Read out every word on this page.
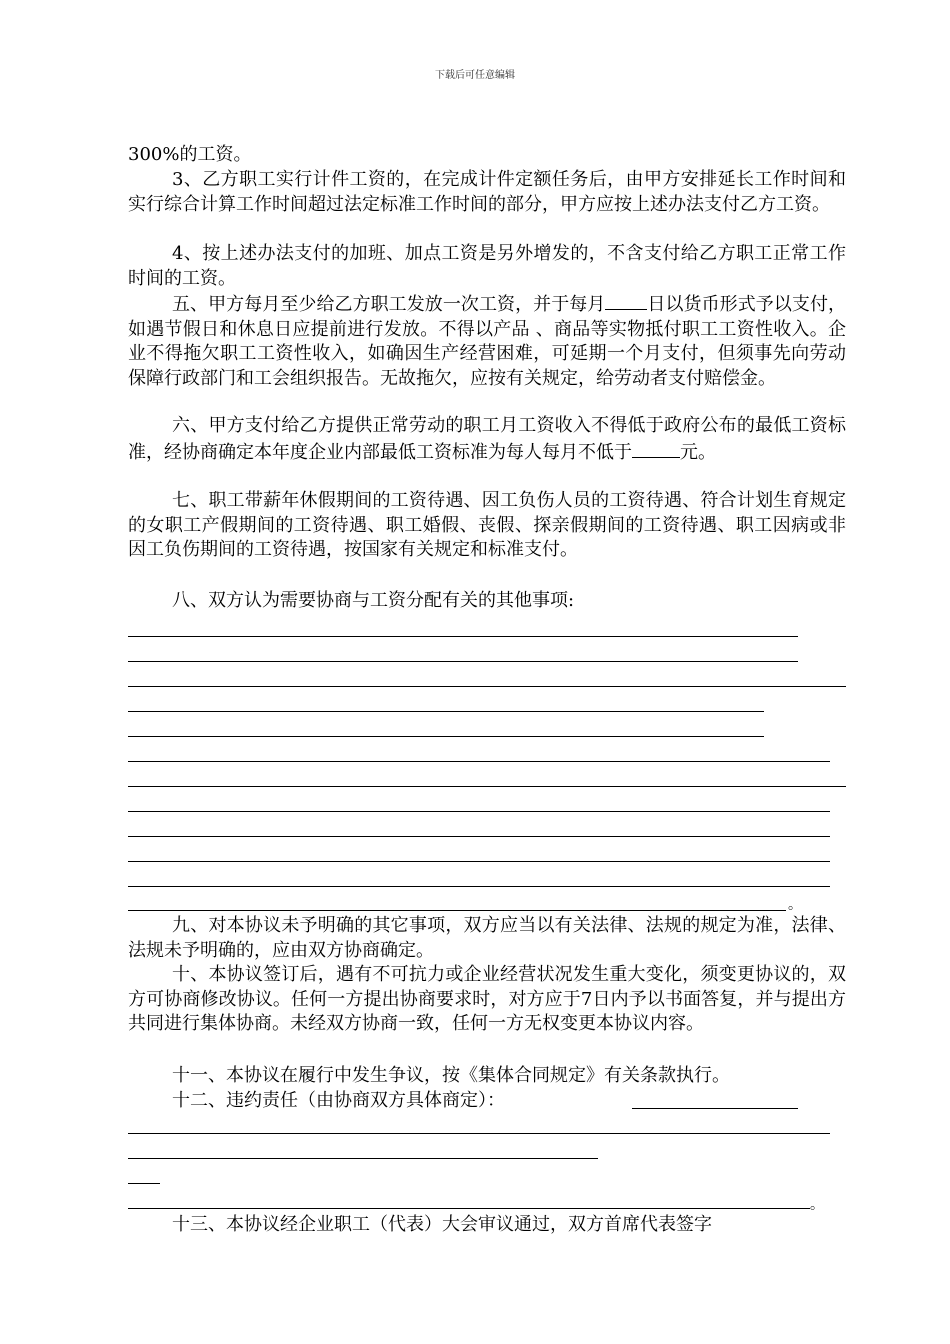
下载后可任意编辑
300%的工资。
3、乙方职工实行计件工资的，在完成计件定额任务后，由甲方安排延长工作时间和实行综合计算工作时间超过法定标准工作时间的部分，甲方应按上述办法支付乙方工资。
4、按上述办法支付的加班、加点工资是另外增发的，不含支付给乙方职工正常工作时间的工资。
五、甲方每月至少给乙方职工发放一次工资，并于每月 日以货币形式予以支付，如遇节假日和休息日应提前进行发放。不得以产品 、商品等实物抵付职工工资性收入。企业不得拖欠职工工资性收入，如确因生产经营困难，可延期一个月支付，但须事先向劳动保障行政部门和工会组织报告。无故拖欠，应按有关规定，给劳动者支付赔偿金。
六、甲方支付给乙方提供正常劳动的职工月工资收入不得低于政府公布的最低工资标准，经协商确定本年度企业内部最低工资标准为每人每月不低于	元。
七、职工带薪年休假期间的工资待遇、因工负伤人员的工资待遇、符合计划生育规定的女职工产假期间的工资待遇、职工婚假、丧假、探亲假期间的工资待遇、职工因病或非因工负伤期间的工资待遇，按国家有关规定和标准支付。
八、双方认为需要协商与工资分配有关的其他事项:
。
九、对本协议未予明确的其它事项，双方应当以有关法律、法规的规定为准，法律、法规未予明确的，应由双方协商确定。
十、本协议签订后，遇有不可抗力或企业经营状况发生重大变化，须变更协议的，双方可协商修改协议。任何一方提出协商要求时，对方应于7日内予以书面答复，并与提出方共同进行集体协商。未经双方协商一致，任何一方无权变更本协议内容。
十一、本协议在履行中发生争议，按《集体合同规定》有关条款执行。
十二、违约责任（由协商双方具体商定）：
。
十三、本协议经企业职工（代表）大会审议通过，双方首席代表签字
